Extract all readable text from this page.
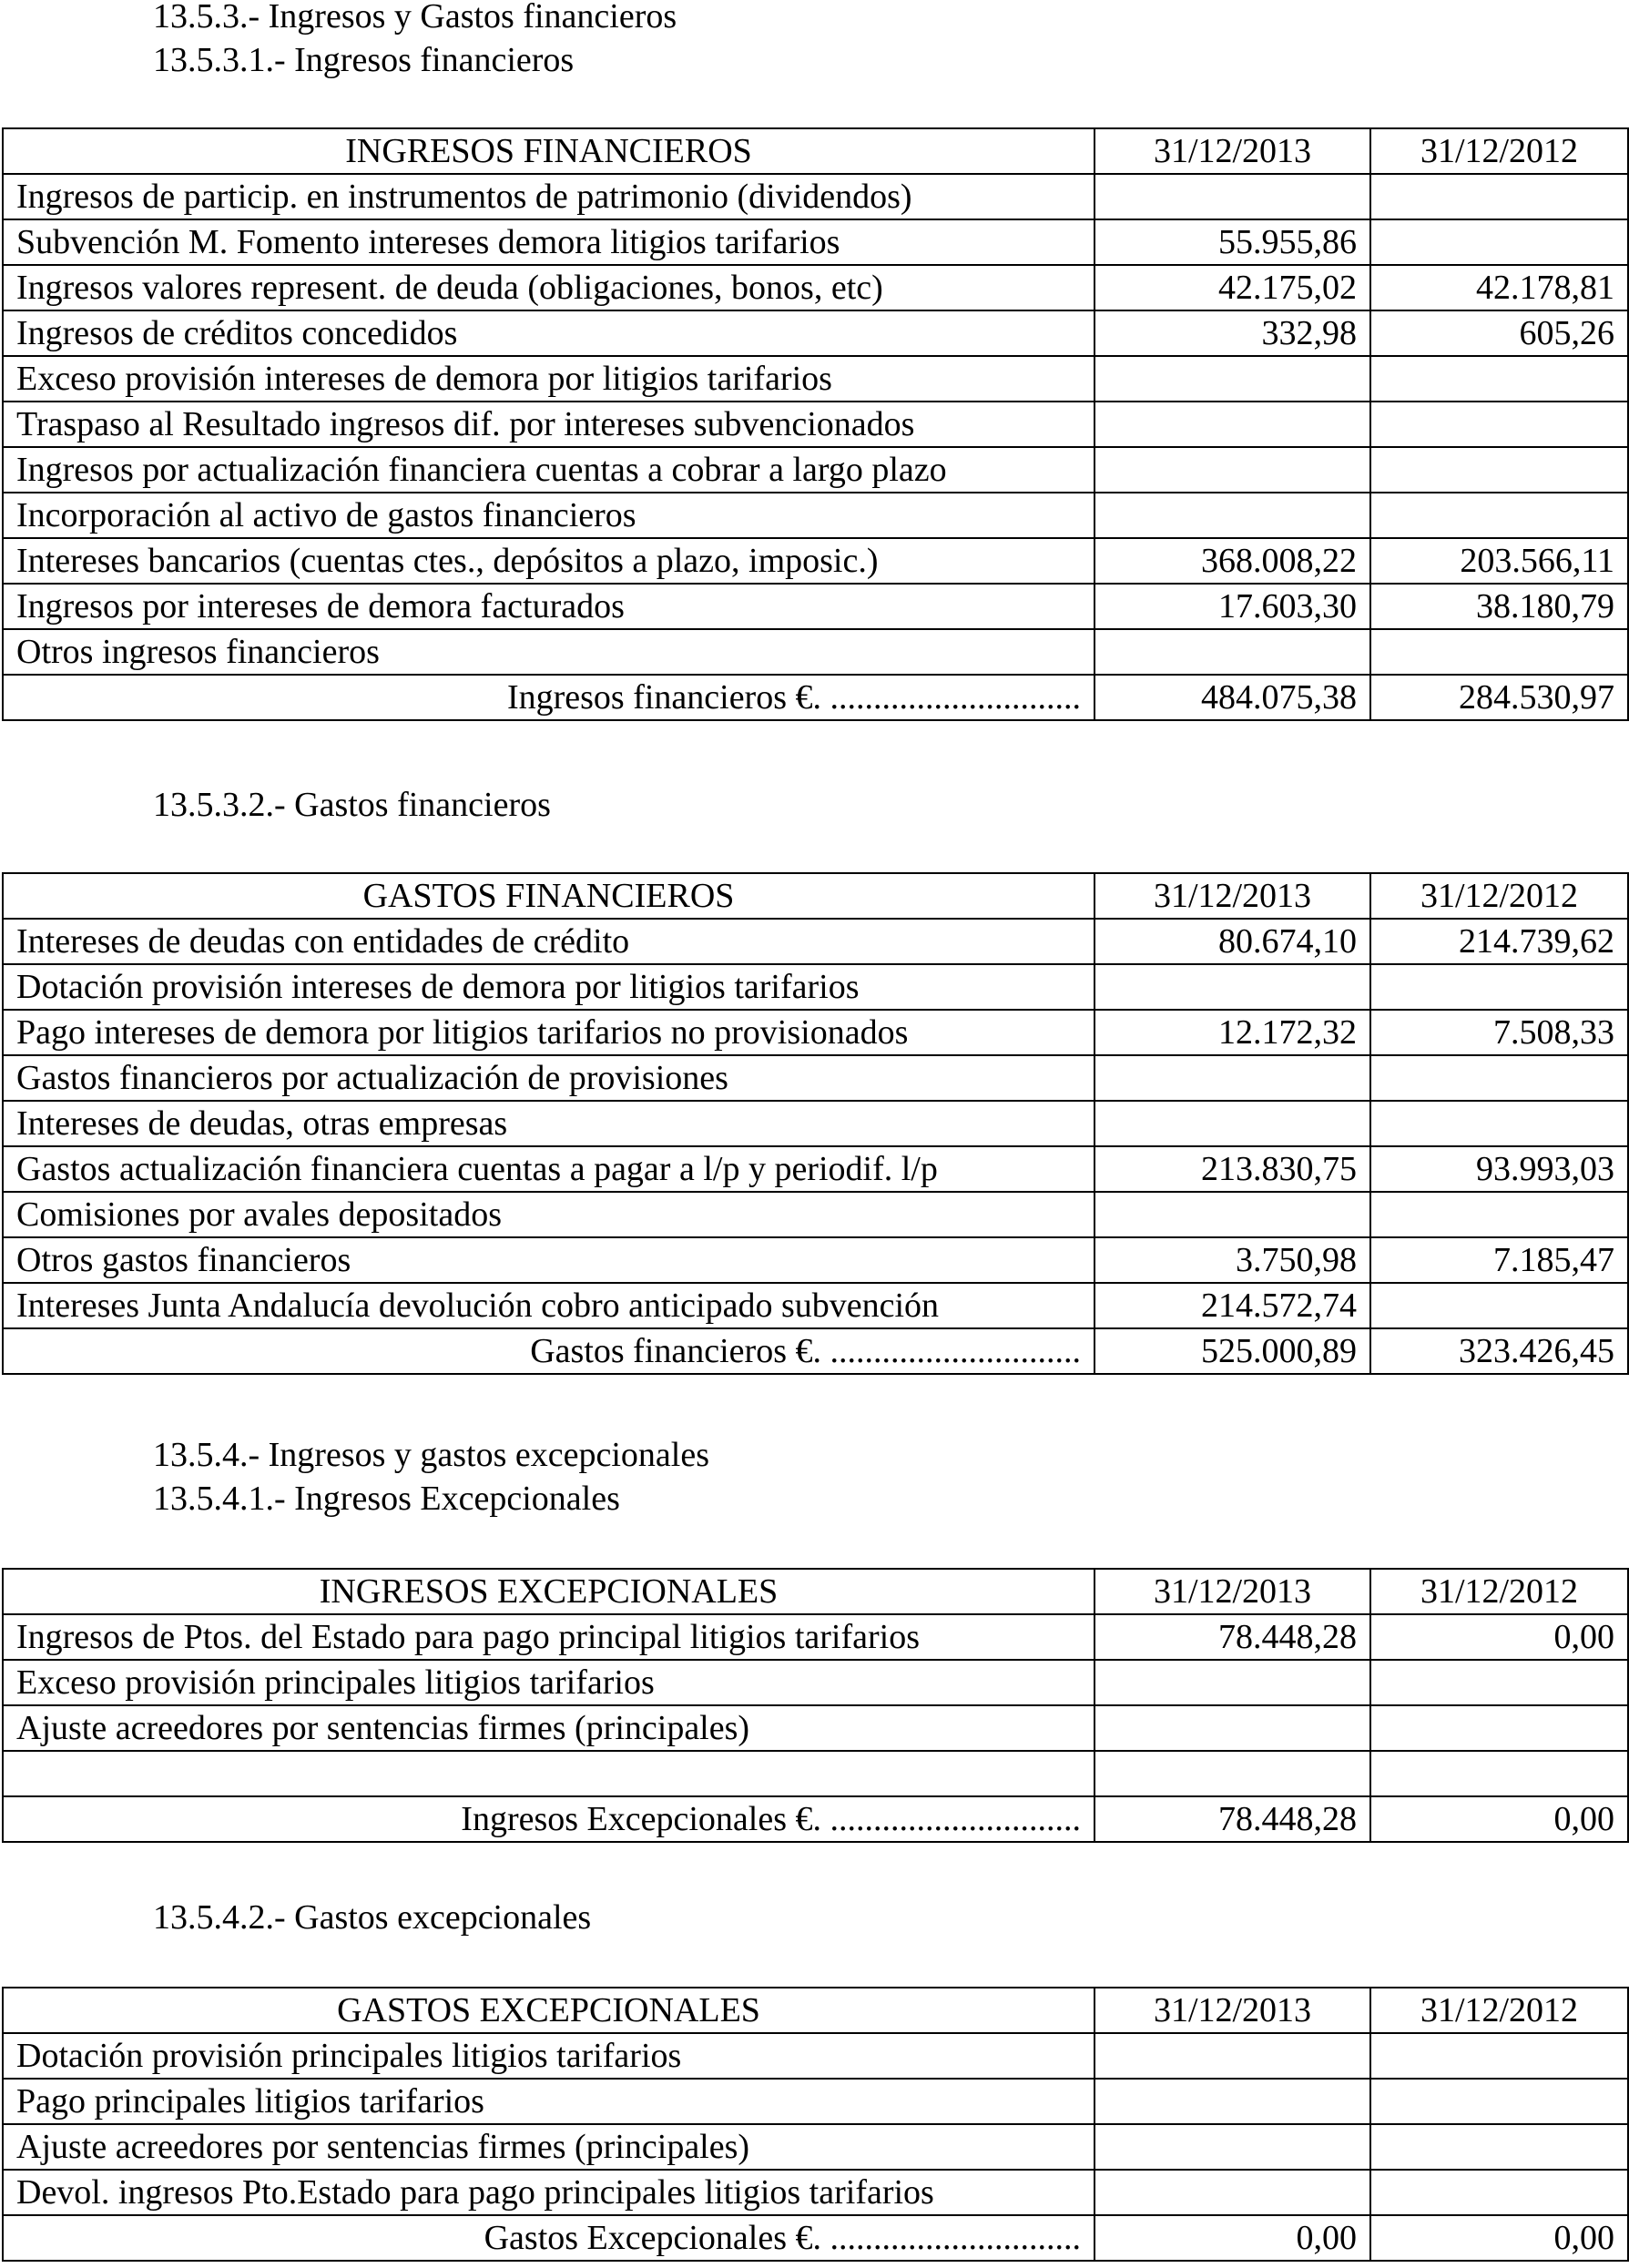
13.5.3.- Ingresos y Gastos financieros
13.5.3.1.- Ingresos financieros
INGRESOS FINANCIEROS	31/12/2013	31/12/2012
Ingresos de particip. en instrumentos de patrimonio (dividendos)		
Subvención M. Fomento intereses demora litigios tarifarios	55.955,86	
Ingresos valores represent. de deuda (obligaciones, bonos, etc)	42.175,02	42.178,81
Ingresos de créditos concedidos	332,98	605,26
Exceso provisión intereses de demora por litigios tarifarios		
Traspaso al Resultado ingresos dif. por intereses subvencionados		
Ingresos por actualización financiera cuentas a cobrar a largo plazo		
Incorporación al activo de gastos financieros		
Intereses bancarios (cuentas ctes., depósitos a plazo, imposic.)	368.008,22	203.566,11
Ingresos por intereses de demora facturados	17.603,30	38.180,79
Otros ingresos financieros		
Ingresos financieros €. .............................	484.075,38	284.530,97
13.5.3.2.- Gastos financieros
GASTOS FINANCIEROS	31/12/2013	31/12/2012
Intereses de deudas con entidades de crédito	80.674,10	214.739,62
Dotación provisión intereses de demora por litigios tarifarios		
Pago intereses de demora por litigios tarifarios no provisionados	12.172,32	7.508,33
Gastos financieros por actualización de provisiones		
Intereses de deudas, otras empresas		
Gastos actualización financiera cuentas a pagar a l/p y periodif. l/p	213.830,75	93.993,03
Comisiones por avales depositados		
Otros gastos financieros	3.750,98	7.185,47
Intereses Junta Andalucía devolución cobro anticipado subvención	214.572,74	
Gastos financieros €. .............................	525.000,89	323.426,45
13.5.4.- Ingresos y gastos excepcionales
13.5.4.1.- Ingresos Excepcionales
INGRESOS EXCEPCIONALES	31/12/2013	31/12/2012
Ingresos de Ptos. del Estado para pago principal litigios tarifarios	78.448,28	0,00
Exceso provisión principales litigios tarifarios		
Ajuste acreedores por sentencias firmes (principales)		

Ingresos Excepcionales €. .............................	78.448,28	0,00
13.5.4.2.- Gastos excepcionales
GASTOS EXCEPCIONALES	31/12/2013	31/12/2012
Dotación provisión principales litigios tarifarios		
Pago principales litigios tarifarios		
Ajuste acreedores por sentencias firmes (principales)		
Devol. ingresos Pto.Estado para pago principales litigios tarifarios		
Gastos Excepcionales €. .............................	0,00	0,00
